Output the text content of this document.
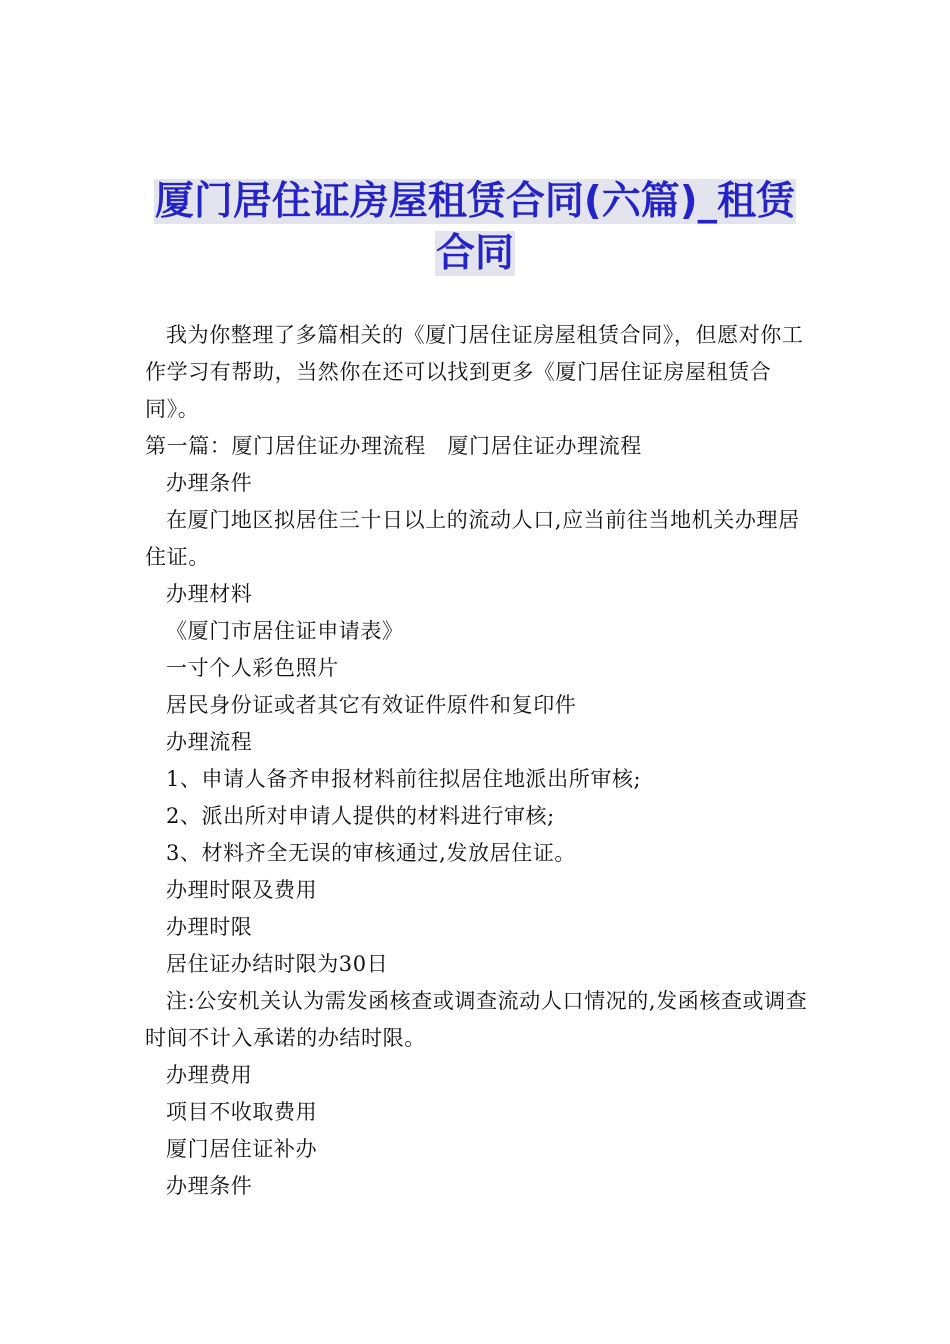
厦门居住证房屋租赁合同(六篇)_租赁
合同

我为你整理了多篇相关的《厦门居住证房屋租赁合同》，但愿对你工作学习有帮助，当然你在还可以找到更多《厦门居住证房屋租赁合同》。

第一篇：厦门居住证办理流程　厦门居住证办理流程

办理条件

在厦门地区拟居住三十日以上的流动人口,应当前往当地机关办理居住证。

办理材料

《厦门市居住证申请表》

一寸个人彩色照片

居民身份证或者其它有效证件原件和复印件

办理流程

1、申请人备齐申报材料前往拟居住地派出所审核;

2、派出所对申请人提供的材料进行审核;

3、材料齐全无误的审核通过,发放居住证。

办理时限及费用

办理时限

居住证办结时限为30日

注:公安机关认为需发函核查或调查流动人口情况的,发函核查或调查时间不计入承诺的办结时限。

办理费用

项目不收取费用

厦门居住证补办

办理条件
